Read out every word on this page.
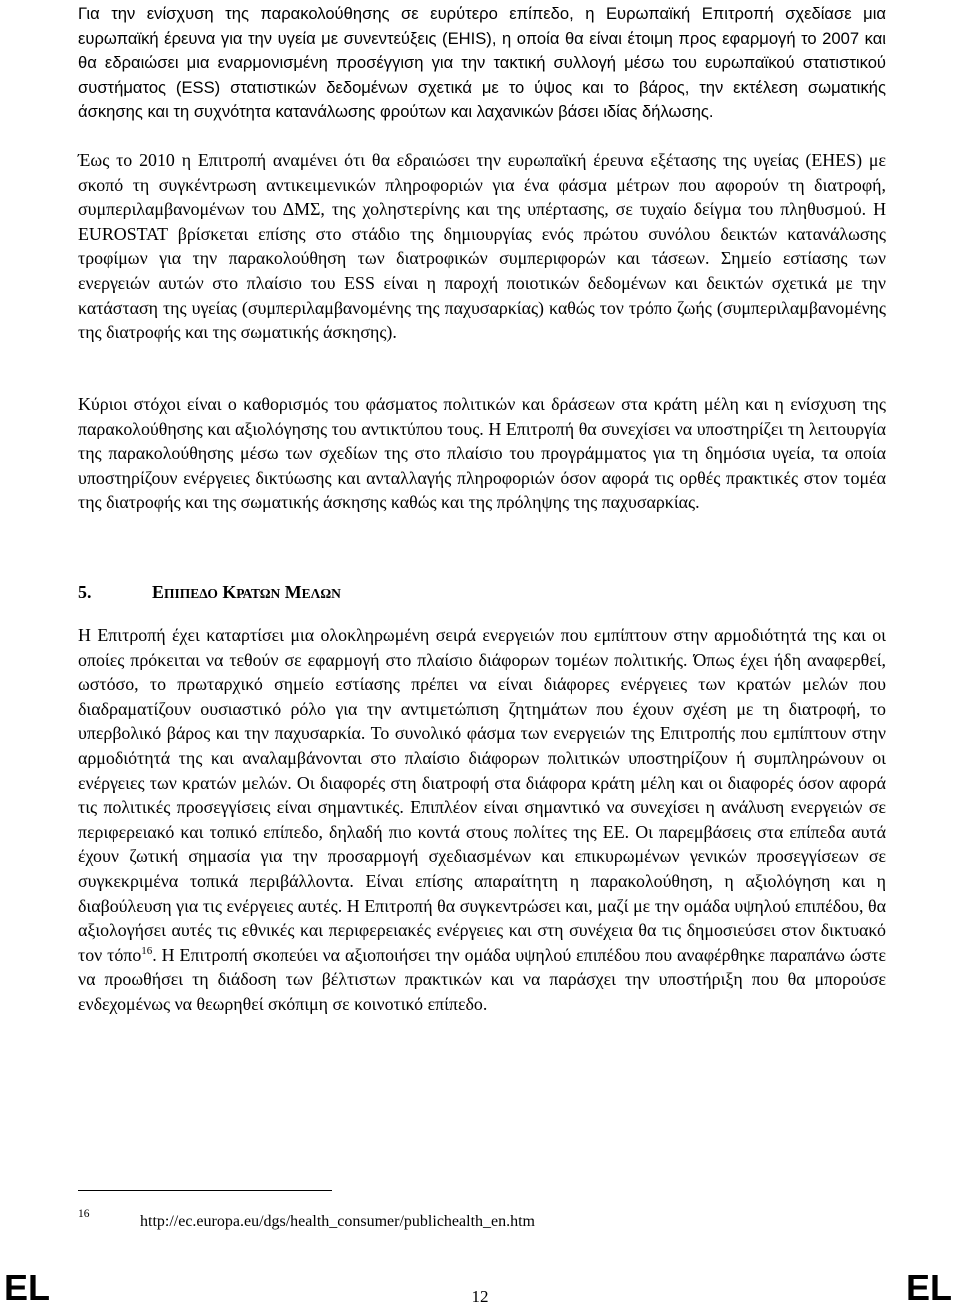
Για την ενίσχυση της παρακολούθησης σε ευρύτερο επίπεδο, η Ευρωπαϊκή Επιτροπή σχεδίασε μια ευρωπαϊκή έρευνα για την υγεία με συνεντεύξεις (EHIS), η οποία θα είναι έτοιμη προς εφαρμογή το 2007 και θα εδραιώσει μια εναρμονισμένη προσέγγιση για την τακτική συλλογή μέσω του ευρωπαϊκού στατιστικού συστήματος (ESS) στατιστικών δεδομένων σχετικά με το ύψος και το βάρος, την εκτέλεση σωματικής άσκησης και τη συχνότητα κατανάλωσης φρούτων και λαχανικών βάσει ιδίας δήλωσης.
Έως το 2010 η Επιτροπή αναμένει ότι θα εδραιώσει την ευρωπαϊκή έρευνα εξέτασης της υγείας (EHES) με σκοπό τη συγκέντρωση αντικειμενικών πληροφοριών για ένα φάσμα μέτρων που αφορούν τη διατροφή, συμπεριλαμβανομένων του ΔΜΣ, της χοληστερίνης και της υπέρτασης, σε τυχαίο δείγμα του πληθυσμού. Η EUROSTAT βρίσκεται επίσης στο στάδιο της δημιουργίας ενός πρώτου συνόλου δεικτών κατανάλωσης τροφίμων για την παρακολούθηση των διατροφικών συμπεριφορών και τάσεων. Σημείο εστίασης των ενεργειών αυτών στο πλαίσιο του ESS είναι η παροχή ποιοτικών δεδομένων και δεικτών σχετικά με την κατάσταση της υγείας (συμπεριλαμβανομένης της παχυσαρκίας) καθώς τον τρόπο ζωής (συμπεριλαμβανομένης της διατροφής και της σωματικής άσκησης).
Κύριοι στόχοι είναι ο καθορισμός του φάσματος πολιτικών και δράσεων στα κράτη μέλη και η ενίσχυση της παρακολούθησης και αξιολόγησης του αντικτύπου τους. Η Επιτροπή θα συνεχίσει να υποστηρίζει τη λειτουργία της παρακολούθησης μέσω των σχεδίων της στο πλαίσιο του προγράμματος για τη δημόσια υγεία, τα οποία υποστηρίζουν ενέργειες δικτύωσης και ανταλλαγής πληροφοριών όσον αφορά τις ορθές πρακτικές στον τομέα της διατροφής και της σωματικής άσκησης καθώς και της πρόληψης της παχυσαρκίας.
5.	ΕΠΙΠΕΔΟ ΚΡΑΤΩΝ ΜΕΛΩΝ
Η Επιτροπή έχει καταρτίσει μια ολοκληρωμένη σειρά ενεργειών που εμπίπτουν στην αρμοδιότητά της και οι οποίες πρόκειται να τεθούν σε εφαρμογή στο πλαίσιο διάφορων τομέων πολιτικής. Όπως έχει ήδη αναφερθεί, ωστόσο, το πρωταρχικό σημείο εστίασης πρέπει να είναι διάφορες ενέργειες των κρατών μελών που διαδραματίζουν ουσιαστικό ρόλο για την αντιμετώπιση ζητημάτων που έχουν σχέση με τη διατροφή, το υπερβολικό βάρος και την παχυσαρκία. Το συνολικό φάσμα των ενεργειών της Επιτροπής που εμπίπτουν στην αρμοδιότητά της και αναλαμβάνονται στο πλαίσιο διάφορων πολιτικών υποστηρίζουν ή συμπληρώνουν οι ενέργειες των κρατών μελών. Οι διαφορές στη διατροφή στα διάφορα κράτη μέλη και οι διαφορές όσον αφορά τις πολιτικές προσεγγίσεις είναι σημαντικές. Επιπλέον είναι σημαντικό να συνεχίσει η ανάλυση ενεργειών σε περιφερειακό και τοπικό επίπεδο, δηλαδή πιο κοντά στους πολίτες της ΕΕ. Οι παρεμβάσεις στα επίπεδα αυτά έχουν ζωτική σημασία για την προσαρμογή σχεδιασμένων και επικυρωμένων γενικών προσεγγίσεων σε συγκεκριμένα τοπικά περιβάλλοντα. Είναι επίσης απαραίτητη η παρακολούθηση, η αξιολόγηση και η διαβούλευση για τις ενέργειες αυτές. Η Επιτροπή θα συγκεντρώσει και, μαζί με την ομάδα υψηλού επιπέδου, θα αξιολογήσει αυτές τις εθνικές και περιφερειακές ενέργειες και στη συνέχεια θα τις δημοσιεύσει στον δικτυακό τον τόπο$^{16}$. Η Επιτροπή σκοπεύει να αξιοποιήσει την ομάδα υψηλού επιπέδου που αναφέρθηκε παραπάνω ώστε να προωθήσει τη διάδοση των βέλτιστων πρακτικών και να παράσχει την υποστήριξη που θα μπορούσε ενδεχομένως να θεωρηθεί σκόπιμη σε κοινοτικό επίπεδο.
16	http://ec.europa.eu/dgs/health_consumer/publichealth_en.htm
EL	12	EL
